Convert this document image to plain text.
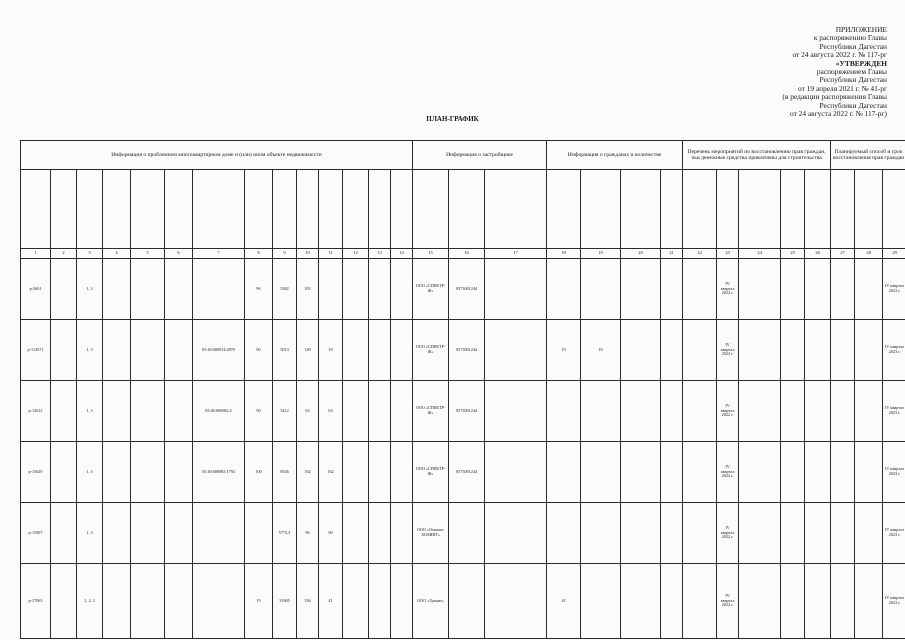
ПРИЛОЖЕНИЕ
к распоряжению Главы
Республики Дагестан
от 24 августа 2022 г. № 117-рг
«УТВЕРЖДЕН
распоряжением Главы
Республики Дагестан
от 19 апреля 2021 г. № 41-рг
(в редакции распоряжения Главы
Республики Дагестан
от 24 августа 2022 г. № 117-рг)
ПЛАН-ГРАФИК
Информация о проблемном многоквартирном доме и (или) ином объекте недвижимости														Информация о застройщике			Информация о гражданах и количестве				Перечень мероприятий по восстановлению прав граждан, чьи денежные средства привлечены для строительства					Планируемый способ и срок восстановления прав граждан		

1	2	3	4	5	6	7	8	9	10	11	12	13	14	15	16	17	18	19	20	21	22	23	24	25	26	27	28	29
р-2601		1, 3					96	5582	103					ООО «СПЕКТР-Ж»	0573001244							IV квартал 2022 г.						IV квартал 2023 г.
р-112071		1, 3				05:40:000014:4870	90	5013	149	19				ООО «СПЕКТР-Ж»	0573001244		19	19				IV квартал 2022 г.						IV квартал 2023 г.
р-12612		1, 3				05:40:000082:2	90	5412	63	63				ООО «СПЕКТР-Ж»	0573001244							IV квартал 2022 г.						IV квартал 2023 г.
р-15629		1, 3				05:40:000085:1794	100	8546	162	162				ООО «СПЕКТР-Ж»	0573001244							IV квартал 2022 г.						IV квартал 2023 г.
р-15907		1, 3						5773,3	96	90				ООО «Омахан-ХОЛИНГ»								IV квартал 2022 г.						IV квартал 2023 г.
р-17063		1, 2, 3					19	31685	336	41				ООО «Гранит»			41					IV квартал 2022 г.						IV квартал 2023 г.
